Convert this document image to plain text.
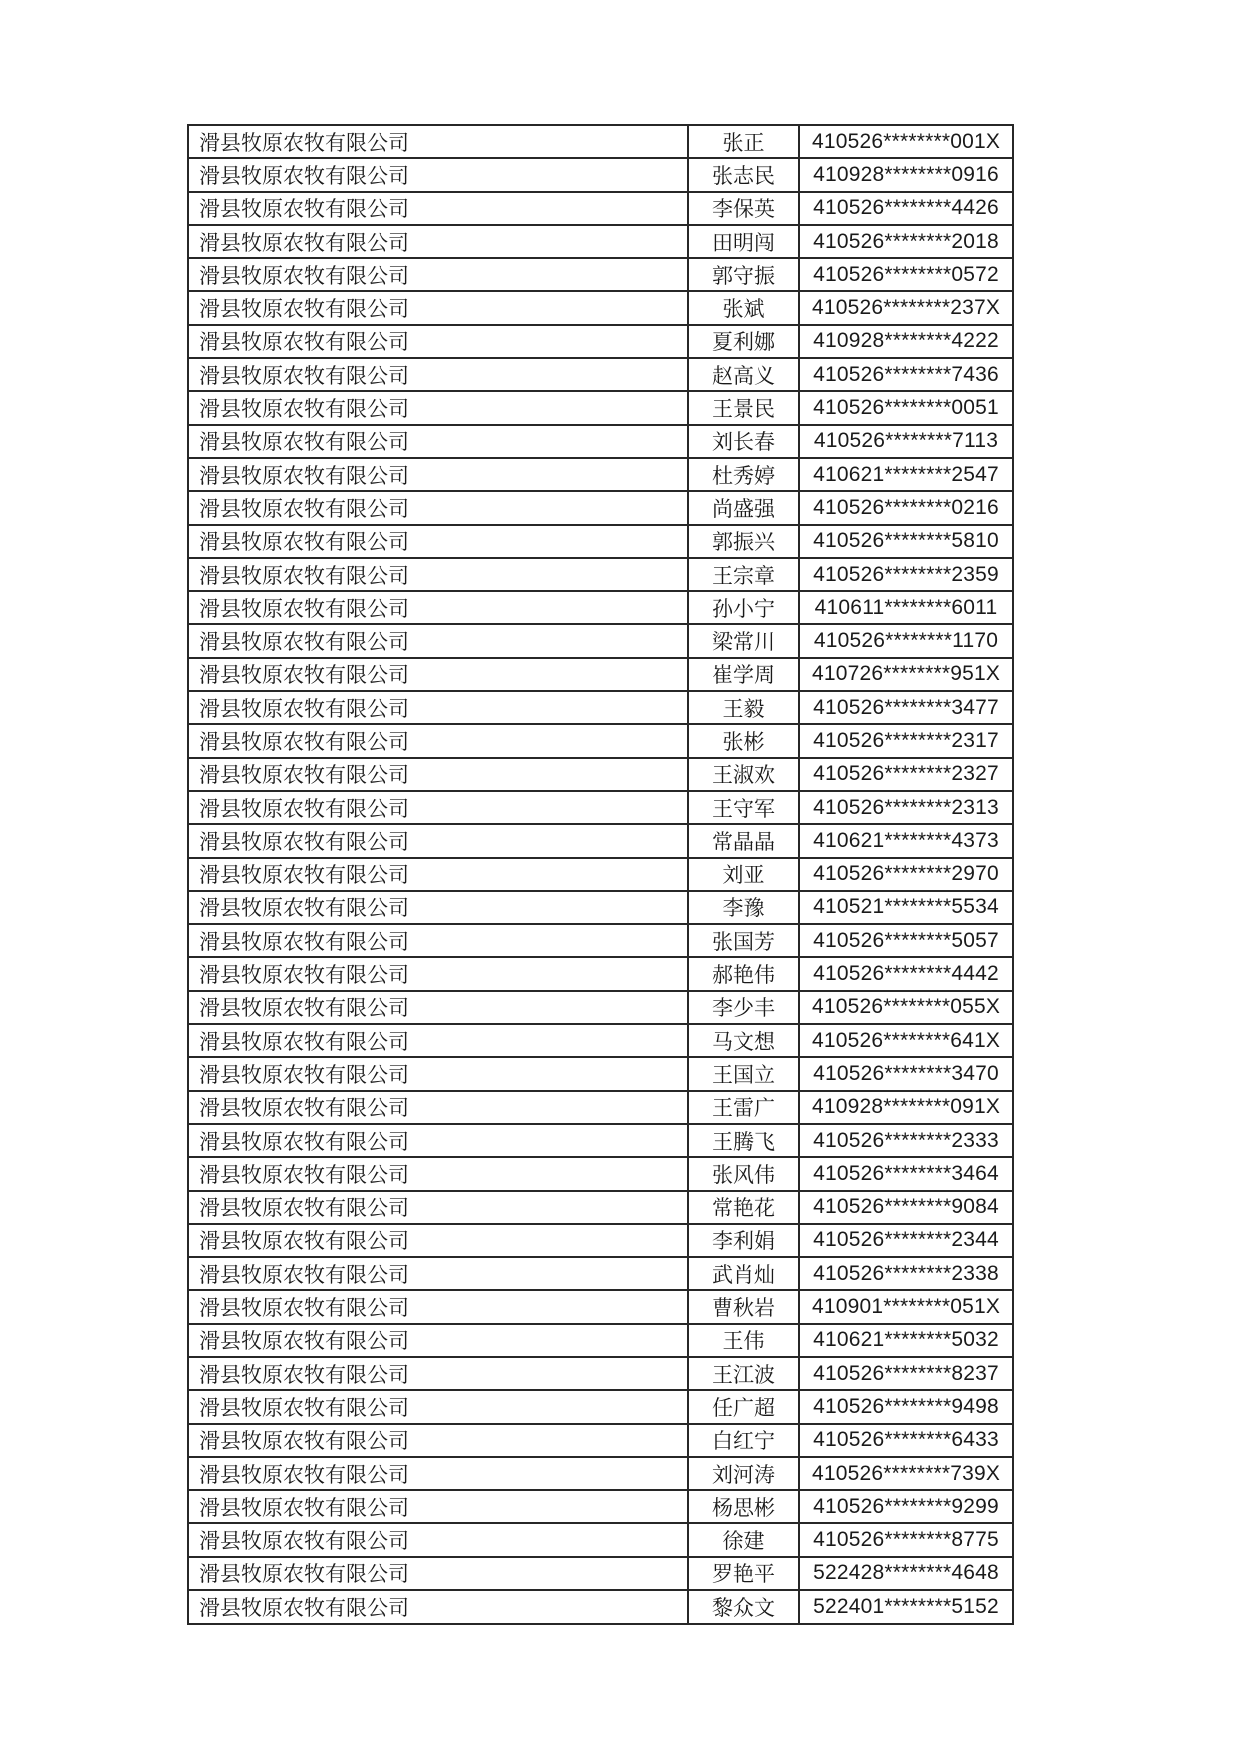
滑县牧原农牧有限公司	张正	410526********001X
滑县牧原农牧有限公司	张志民	410928********0916
滑县牧原农牧有限公司	李保英	410526********4426
滑县牧原农牧有限公司	田明闯	410526********2018
滑县牧原农牧有限公司	郭守振	410526********0572
滑县牧原农牧有限公司	张斌	410526********237X
滑县牧原农牧有限公司	夏利娜	410928********4222
滑县牧原农牧有限公司	赵高义	410526********7436
滑县牧原农牧有限公司	王景民	410526********0051
滑县牧原农牧有限公司	刘长春	410526********7113
滑县牧原农牧有限公司	杜秀婷	410621********2547
滑县牧原农牧有限公司	尚盛强	410526********0216
滑县牧原农牧有限公司	郭振兴	410526********5810
滑县牧原农牧有限公司	王宗章	410526********2359
滑县牧原农牧有限公司	孙小宁	410611********6011
滑县牧原农牧有限公司	梁常川	410526********1170
滑县牧原农牧有限公司	崔学周	410726********951X
滑县牧原农牧有限公司	王毅	410526********3477
滑县牧原农牧有限公司	张彬	410526********2317
滑县牧原农牧有限公司	王淑欢	410526********2327
滑县牧原农牧有限公司	王守军	410526********2313
滑县牧原农牧有限公司	常晶晶	410621********4373
滑县牧原农牧有限公司	刘亚	410526********2970
滑县牧原农牧有限公司	李豫	410521********5534
滑县牧原农牧有限公司	张国芳	410526********5057
滑县牧原农牧有限公司	郝艳伟	410526********4442
滑县牧原农牧有限公司	李少丰	410526********055X
滑县牧原农牧有限公司	马文想	410526********641X
滑县牧原农牧有限公司	王国立	410526********3470
滑县牧原农牧有限公司	王雷广	410928********091X
滑县牧原农牧有限公司	王腾飞	410526********2333
滑县牧原农牧有限公司	张风伟	410526********3464
滑县牧原农牧有限公司	常艳花	410526********9084
滑县牧原农牧有限公司	李利娟	410526********2344
滑县牧原农牧有限公司	武肖灿	410526********2338
滑县牧原农牧有限公司	曹秋岩	410901********051X
滑县牧原农牧有限公司	王伟	410621********5032
滑县牧原农牧有限公司	王江波	410526********8237
滑县牧原农牧有限公司	任广超	410526********9498
滑县牧原农牧有限公司	白红宁	410526********6433
滑县牧原农牧有限公司	刘河涛	410526********739X
滑县牧原农牧有限公司	杨思彬	410526********9299
滑县牧原农牧有限公司	徐建	410526********8775
滑县牧原农牧有限公司	罗艳平	522428********4648
滑县牧原农牧有限公司	黎众文	522401********5152
